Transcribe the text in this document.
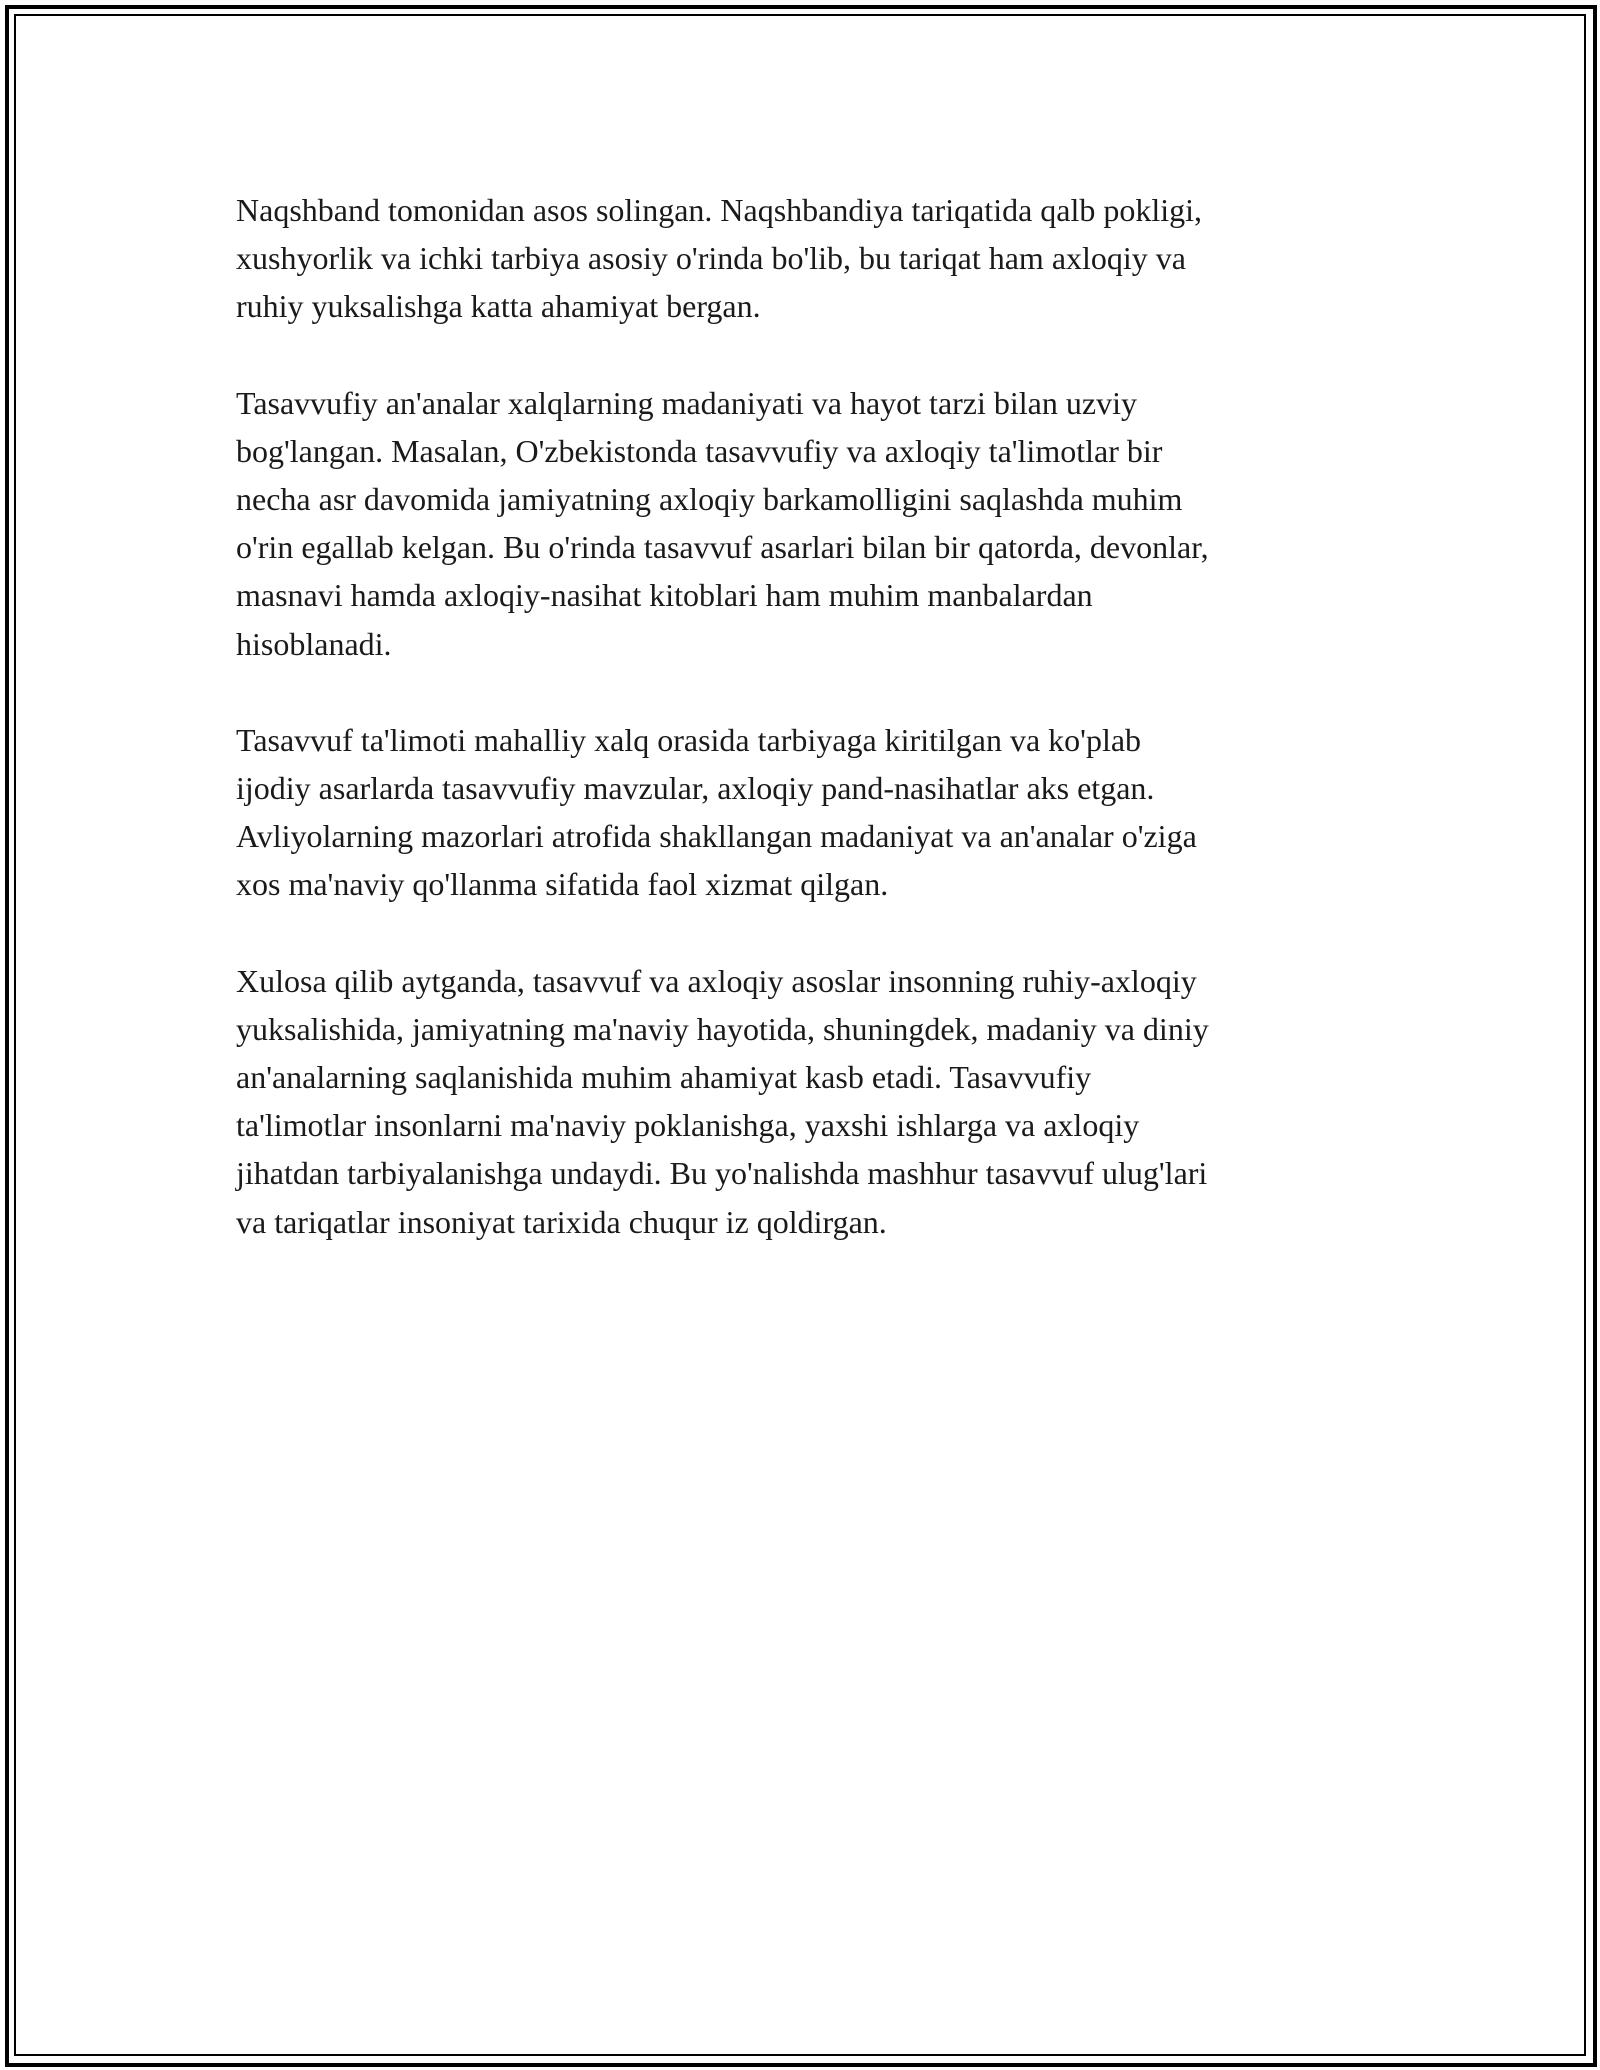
Naqshband tomonidan asos solingan. Naqshbandiya tariqatida qalb pokligi,
xushyorlik va ichki tarbiya asosiy o'rinda bo'lib, bu tariqat ham axloqiy va
ruhiy yuksalishga katta ahamiyat bergan.

Tasavvufiy an'analar xalqlarning madaniyati va hayot tarzi bilan uzviy
bog'langan. Masalan, O'zbekistonda tasavvufiy va axloqiy ta'limotlar bir
necha asr davomida jamiyatning axloqiy barkamolligini saqlashda muhim
o'rin egallab kelgan. Bu o'rinda tasavvuf asarlari bilan bir qatorda, devonlar,
masnavi hamda axloqiy-nasihat kitoblari ham muhim manbalardan
hisoblanadi.

Tasavvuf ta'limoti mahalliy xalq orasida tarbiyaga kiritilgan va ko'plab
ijodiy asarlarda tasavvufiy mavzular, axloqiy pand-nasihatlar aks etgan.
Avliyolarning mazorlari atrofida shakllangan madaniyat va an'analar o'ziga
xos ma'naviy qo'llanma sifatida faol xizmat qilgan.

Xulosa qilib aytganda, tasavvuf va axloqiy asoslar insonning ruhiy-axloqiy
yuksalishida, jamiyatning ma'naviy hayotida, shuningdek, madaniy va diniy
an'analarning saqlanishida muhim ahamiyat kasb etadi. Tasavvufiy
ta'limotlar insonlarni ma'naviy poklanishga, yaxshi ishlarga va axloqiy
jihatdan tarbiyalanishga undaydi. Bu yo'nalishda mashhur tasavvuf ulug'lari
va tariqatlar insoniyat tarixida chuqur iz qoldirgan.
